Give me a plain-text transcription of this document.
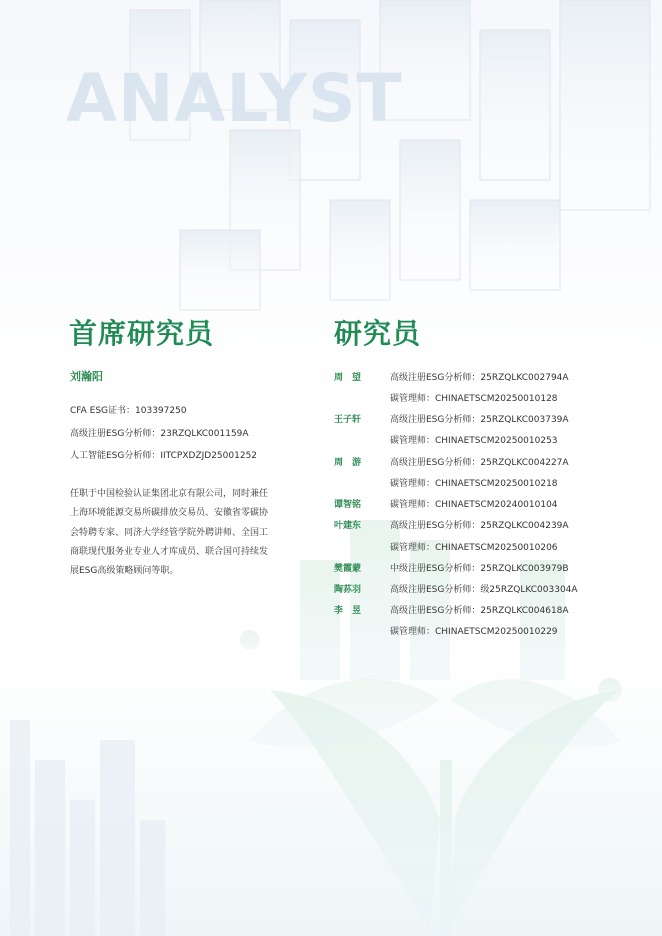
ANALYST
首席研究员	研究员
刘瀚阳
CFA ESG证书：103397250
高级注册ESG分析师：23RZQLKC001159A
人工智能ESG分析师：IITCPXDZJD25001252
任职于中国检验认证集团北京有限公司，同时兼任上海环境能源交易所碳排放交易员、安徽省零碳协会特聘专家、同济大学经管学院外聘讲师、全国工商联现代服务业专业人才库成员、联合国可持续发展ESG高级策略顾问等职。
周　望	高级注册ESG分析师：25RZQLKC002794A
碳管理师：CHINAETSCM20250010128
王子轩	高级注册ESG分析师：25RZQLKC003739A
碳管理师：CHINAETSCM20250010253
周　游	高级注册ESG分析师：25RZQLKC004227A
碳管理师：CHINAETSCM20250010218
谭智铭	碳管理师：CHINAETSCM20240010104
叶建东	高级注册ESG分析师：25RZQLKC004239A
碳管理师：CHINAETSCM20250010206
樊霞蒙	中级注册ESG分析师：25RZQLKC003979B
陶荪羽	高级注册ESG分析师：级25RZQLKC003304A
李　昱	高级注册ESG分析师：25RZQLKC004618A
碳管理师：CHINAETSCM20250010229
